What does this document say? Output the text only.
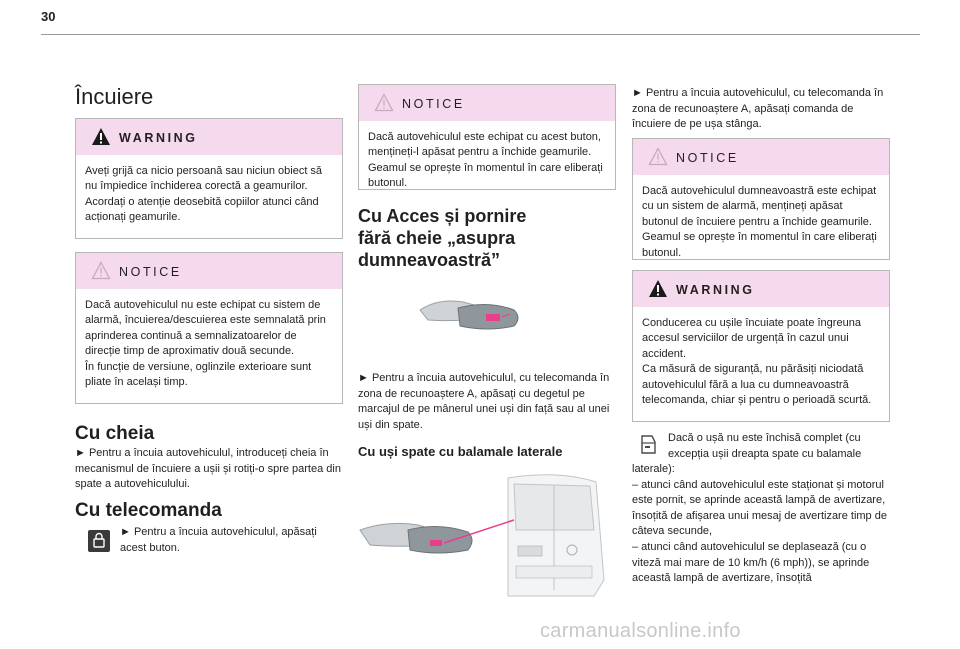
30
Încuiere
WARNING
Aveți grijă ca nicio persoană sau niciun obiect să nu împiedice închiderea corectă a geamurilor.
Acordați o atenție deosebită copiilor atunci când acționați geamurile.
NOTICE
Dacă autovehiculul nu este echipat cu sistem de alarmă, încuierea/descuierea este semnalată prin aprinderea continuă a semnalizatoarelor de direcție timp de aproximativ două secunde.
În funcție de versiune, oglinzile exterioare sunt pliate în același timp.
Cu cheia
► Pentru a încuia autovehiculul, introduceți cheia în mecanismul de încuiere a ușii și rotiți-o spre partea din spate a autovehiculului.
Cu telecomanda
► Pentru a încuia autovehiculul, apăsați acest buton.
NOTICE
Dacă autovehiculul este echipat cu acest buton, mențineți-l apăsat pentru a închide geamurile. Geamul se oprește în momentul în care eliberați butonul.
Cu Acces și pornire fără cheie „asupra dumneavoastră”
► Pentru a încuia autovehiculul, cu telecomanda în zona de recunoaștere A, apăsați cu degetul pe marcajul de pe mânerul unei uși din față sau al unei uși din spate.
Cu uși spate cu balamale laterale
► Pentru a încuia autovehiculul, cu telecomanda în zona de recunoaștere A, apăsați comanda de încuiere de pe ușa stânga.
NOTICE
Dacă autovehiculul dumneavoastră este echipat cu un sistem de alarmă, mențineți apăsat butonul de încuiere pentru a închide geamurile. Geamul se oprește în momentul în care eliberați butonul.
WARNING
Conducerea cu ușile încuiate poate îngreuna accesul serviciilor de urgență în cazul unui accident.
Ca măsură de siguranță, nu părăsiți niciodată autovehiculul fără a lua cu dumneavoastră telecomanda, chiar și pentru o perioadă scurtă.
Dacă o ușă nu este închisă complet (cu excepția ușii dreapta spate cu balamale
laterale):
– atunci când autovehiculul este staționat și motorul este pornit, se aprinde această lampă de avertizare, însoțită de afișarea unui mesaj de avertizare timp de câteva secunde,
– atunci când autovehiculul se deplasează (cu o viteză mai mare de 10 km/h (6 mph)), se aprinde această lampă de avertizare, însoțită
carmanualsonline.info
